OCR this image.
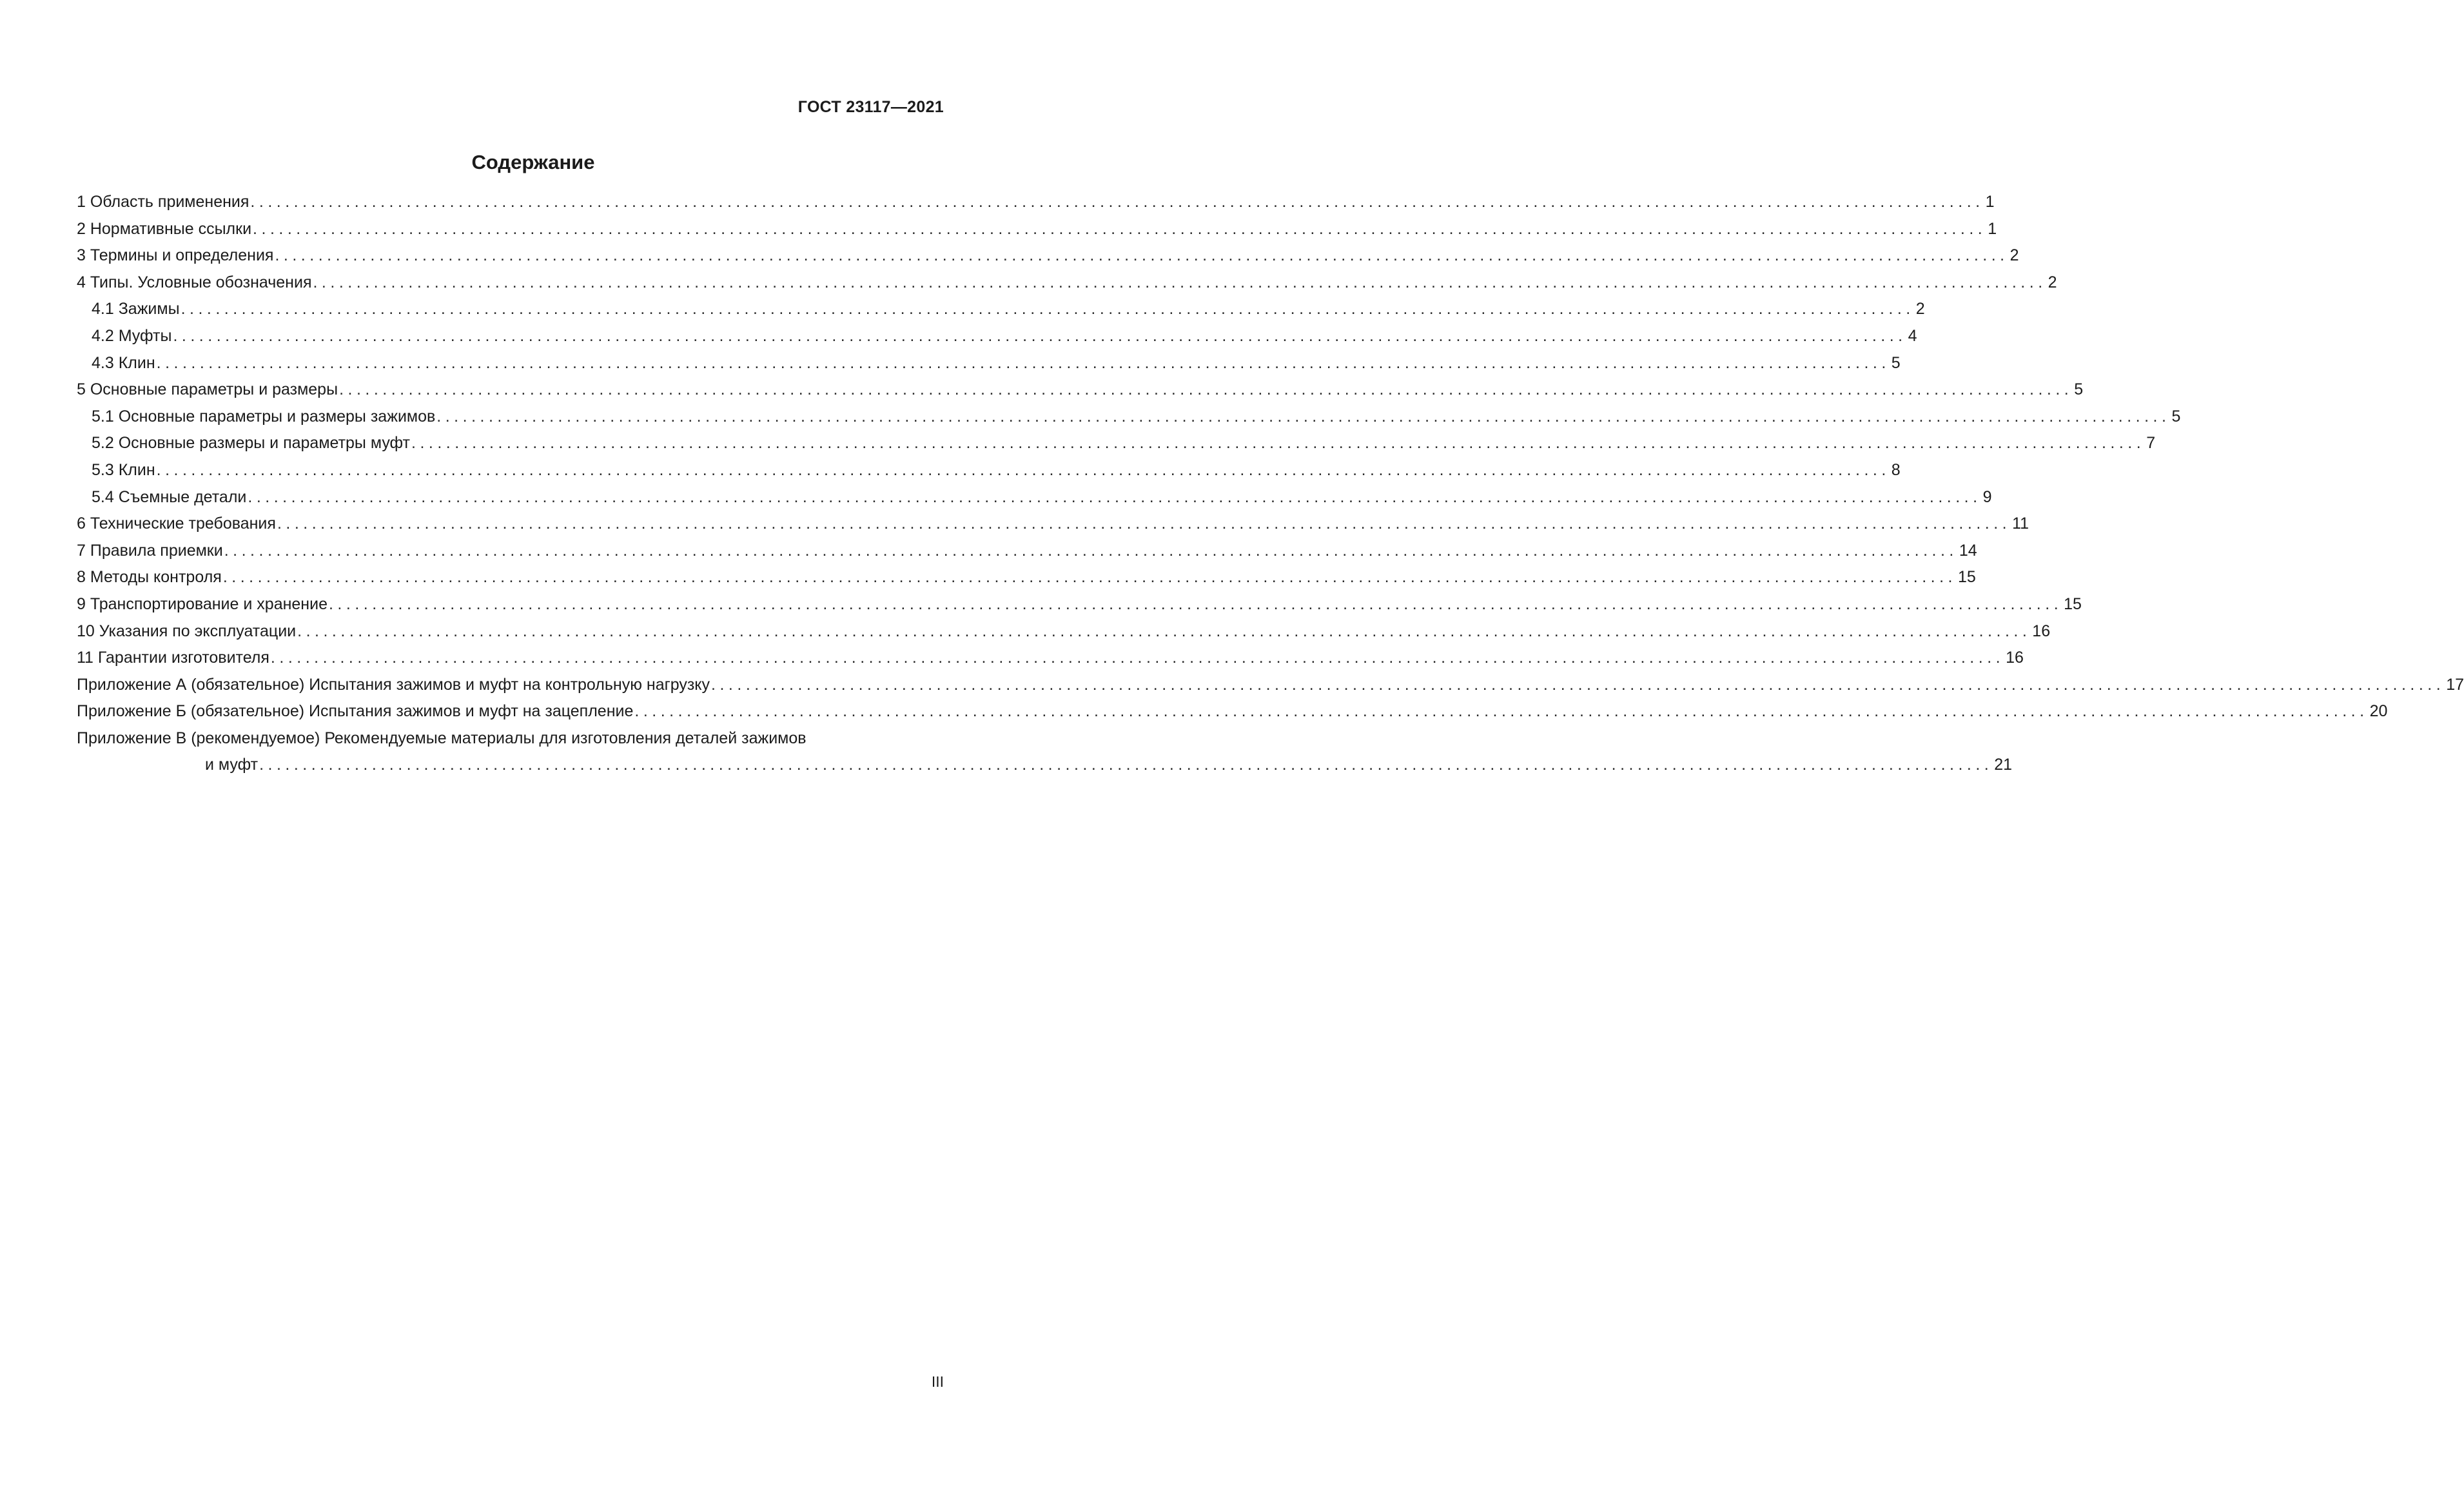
ГОСТ 23117—2021
Содержание
1 Область применения ........................................................................................................................................................................................................ 1
2 Нормативные ссылки ........................................................................................................................................................................................................ 1
3 Термины и определения ........................................................................................................................................................................................................ 2
4 Типы. Условные обозначения ........................................................................................................................................................................................................ 2
4.1 Зажимы ........................................................................................................................................................................................................ 2
4.2 Муфты ........................................................................................................................................................................................................ 4
4.3 Клин ........................................................................................................................................................................................................ 5
5 Основные параметры и размеры ........................................................................................................................................................................................................ 5
5.1 Основные параметры и размеры зажимов ........................................................................................................................................................................................................ 5
5.2 Основные размеры и параметры муфт ........................................................................................................................................................................................................ 7
5.3 Клин ........................................................................................................................................................................................................ 8
5.4 Съемные детали ........................................................................................................................................................................................................ 9
6 Технические требования ........................................................................................................................................................................................................ 11
7 Правила приемки ........................................................................................................................................................................................................ 14
8 Методы контроля ........................................................................................................................................................................................................ 15
9 Транспортирование и хранение ........................................................................................................................................................................................................ 15
10 Указания по эксплуатации ........................................................................................................................................................................................................ 16
11 Гарантии изготовителя ........................................................................................................................................................................................................ 16
Приложение А (обязательное) Испытания зажимов и муфт на контрольную нагрузку ........................................................................................................................................................................................................ 17
Приложение Б (обязательное) Испытания зажимов и муфт на зацепление ........................................................................................................................................................................................................ 20
Приложение В (рекомендуемое) Рекомендуемые материалы для изготовления деталей зажимов
и муфт ........................................................................................................................................................................................................ 21
III
